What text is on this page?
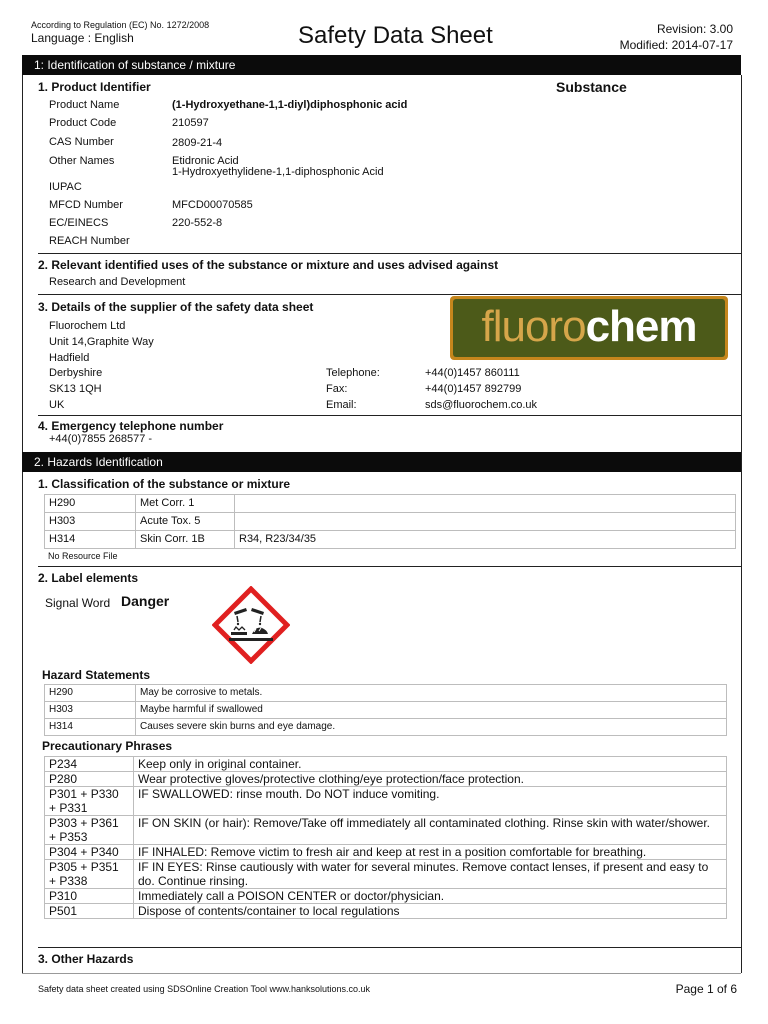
According to Regulation (EC) No. 1272/2008
Language : English	Safety Data Sheet	Revision: 3.00
Modified: 2014-07-17
1: Identification of substance / mixture
1. Product Identifier	Substance
Product Name	(1-Hydroxyethane-1,1-diyl)diphosphonic acid
Product Code	210597
CAS Number	2809-21-4
Other Names	Etidronic Acid
1-Hydroxyethylidene-1,1-diphosphonic Acid
IUPAC
MFCD Number	MFCD00070585
EC/EINECS	220-552-8
REACH Number
2. Relevant identified uses of the substance or mixture and uses advised against
Research and Development
3. Details of the supplier of the safety data sheet
Fluorochem Ltd
Unit 14,Graphite Way
Hadfield
Derbyshire
SK13 1QH
UK
Telephone:	+44(0)1457 860111
Fax:	+44(0)1457 892799
Email:	sds@fluorochem.co.uk
fluorochem
4. Emergency telephone number
+44(0)7855 268577 -
2. Hazards Identification
1. Classification of the substance or mixture
H290	Met Corr. 1	
H303	Acute Tox. 5	
H314	Skin Corr. 1B	R34, R23/34/35
No Resource File
2. Label elements
Signal Word Danger
Hazard Statements
H290	May be corrosive to metals.
H303	Maybe harmful if swallowed
H314	Causes severe skin burns and eye damage.
Precautionary Phrases
P234	Keep only in original container.
P280	Wear protective gloves/protective clothing/eye protection/face protection.
P301 + P330 + P331	IF SWALLOWED: rinse mouth. Do NOT induce vomiting.
P303 + P361 + P353	IF ON SKIN (or hair): Remove/Take off immediately all contaminated clothing. Rinse skin with water/shower.
P304 + P340	IF INHALED: Remove victim to fresh air and keep at rest in a position comfortable for breathing.
P305 + P351 + P338	IF IN EYES: Rinse cautiously with water for several minutes. Remove contact lenses, if present and easy to do. Continue rinsing.
P310	Immediately call a POISON CENTER or doctor/physician.
P501	Dispose of contents/container to local regulations
3. Other Hazards
Safety data sheet created using SDSOnline Creation Tool www.hanksolutions.co.uk	Page 1 of 6
